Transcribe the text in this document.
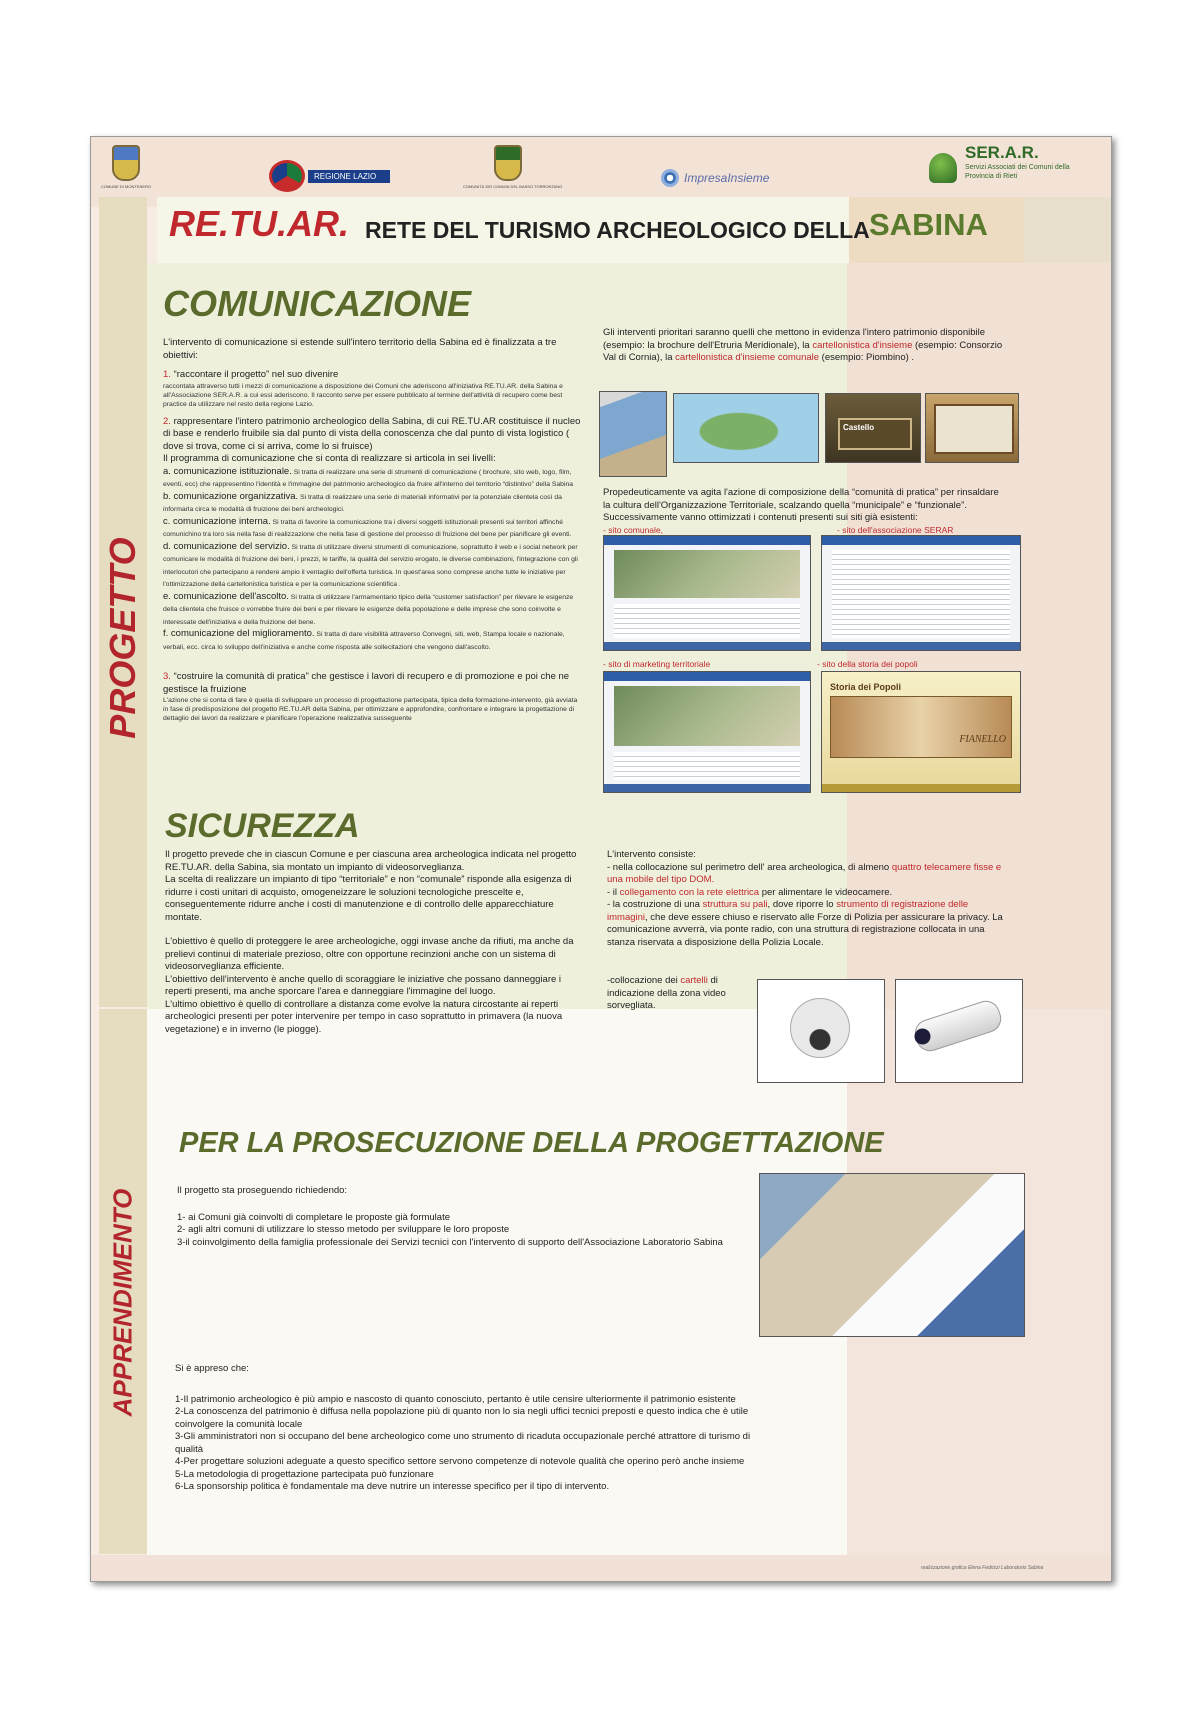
COMUNE DI MONTENERO
REGIONE LAZIO
COMUNITÀ DEI COMUNI DEL BASSO TORRONTANO
ImpresaInsieme
SER.A.R.
Servizi Associati dei Comuni della
Provincia di Rieti
RE.TU.AR. RETE DEL TURISMO ARCHEOLOGICO DELLA SABINA
PROGETTO
APPRENDIMENTO
COMUNICAZIONE

L'intervento di comunicazione si estende sull'intero territorio della Sabina ed è finalizzata a tre obiettivi:

1. “raccontare il progetto” nel suo divenire

raccontata attraverso tutti i mezzi di comunicazione a disposizione dei Comuni che aderiscono all'iniziativa RE.TU.AR. della Sabina e all'Associazione SER.A.R. a cui essi aderiscono. Il racconto serve per essere pubblicato al termine dell'attività di recupero come best practice da utilizzare nel resto della regione Lazio.

2. rappresentare l'intero patrimonio archeologico della Sabina, di cui RE.TU.AR costituisce il nucleo di base e renderlo fruibile sia dal punto di vista della conoscenza che dal punto di vista logistico ( dove si trova, come ci si arriva, come lo si fruisce)

Il programma di comunicazione che si conta di realizzare si articola in sei livelli:

a. comunicazione istituzionale. Si tratta di realizzare una serie di strumenti di comunicazione ( brochure, sito web, logo, film, eventi, ecc) che rappresentino l'identità e l'immagine del patrimonio archeologico da fruire all'interno del territorio “distintivo” della Sabina

b. comunicazione organizzativa. Si tratta di realizzare una serie di materiali informativi per la potenziale clientela così da informarla circa le modalità di fruizione dei beni archeologici.

c. comunicazione interna. Si tratta di favorire la comunicazione tra i diversi soggetti istituzionali presenti sui territori affinché comunichino tra loro sia nella fase di realizzazione che nella fase di gestione del processo di fruizione del bene per pianificare gli eventi.

d. comunicazione del servizio. Si tratta di utilizzare diversi strumenti di comunicazione, soprattutto il web e i social network per comunicare le modalità di fruizione dei beni, i prezzi, le tariffe, la qualità del servizio erogato, le diverse combinazioni, l'integrazione con gli interlocutori che partecipano a rendere ampio il ventaglio dell'offerta turistica. In quest'area sono comprese anche tutte le iniziative per l'ottimizzazione della cartellonistica turistica e per la comunicazione scientifica .

e. comunicazione dell'ascolto. Si tratta di utilizzare l'armamentario tipico della “customer satisfaction” per rilevare le esigenze della clientela che fruisce o vorrebbe fruire dei beni e per rilevare le esigenze della popolazione e delle imprese che sono coinvolte e interessate dell'iniziativa e della fruizione del bene.

f. comunicazione del miglioramento. Si tratta di dare visibilità attraverso Convegni, siti, web, Stampa locale e nazionale, verbali, ecc. circa lo sviluppo dell'iniziativa e anche come risposta alle sollecitazioni che vengono dall'ascolto.

3. “costruire la comunità di pratica” che gestisce i lavori di recupero e di promozione e poi che ne gestisce la fruizione

L'azione che si conta di fare è quella di sviluppare un processo di progettazione partecipata, tipica della formazione-intervento, già avviata in fase di predisposizione del progetto RE.TU.AR della Sabina, per ottimizzare e approfondire, confrontare e integrare la progettazione di dettaglio dei lavori da realizzare e pianificare l'operazione realizzativa susseguente

Gli interventi prioritari saranno quelli che mettono in evidenza l'intero patrimonio disponibile (esempio: la brochure dell'Etruria Meridionale), la cartellonistica d'insieme (esempio: Consorzio Val di Cornia), la cartellonistica d'insieme comunale (esempio: Piombino) .

Castello
Propedeuticamente va agita l'azione di composizione della “comunità di pratica” per rinsaldare la cultura dell'Organizzazione Territoriale, scalzando quella “municipale” e “funzionale”. Successivamente vanno ottimizzati i contenuti presenti sui siti già esistenti:
- sito comunale,	- sito dell'associazione SERAR
- sito di marketing territoriale	- sito della storia dei popoli
Storia dei Popoli
FIANELLO
SICUREZZA

Il progetto prevede che in ciascun Comune e per ciascuna area archeologica indicata nel progetto RE.TU.AR. della Sabina, sia montato un impianto di videosorveglianza.

La scelta di realizzare un impianto di tipo “territoriale” e non “comunale” risponde alla esigenza di ridurre i costi unitari di acquisto, omogeneizzare le soluzioni tecnologiche prescelte e, conseguentemente ridurre anche i costi di manutenzione e di controllo delle apparecchiature montate.

L'obiettivo è quello di proteggere le aree archeologiche, oggi invase anche da rifiuti, ma anche da prelievi continui di materiale prezioso, oltre con opportune recinzioni anche con un sistema di videosorveglianza efficiente.

L'obiettivo dell'intervento è anche quello di scoraggiare le iniziative che possano danneggiare i reperti presenti, ma anche sporcare l'area e danneggiare l'immagine del luogo.

L'ultimo obiettivo è quello di controllare a distanza come evolve la natura circostante ai reperti archeologici presenti per poter intervenire per tempo in caso soprattutto in primavera (la nuova vegetazione) e in inverno (le piogge).

L'intervento consiste:

- nella collocazione sul perimetro dell' area archeologica, di almeno quattro telecamere fisse e una mobile del tipo DOM.

- il collegamento con la rete elettrica per alimentare le videocamere.

- la costruzione di una struttura su pali, dove riporre lo strumento di registrazione delle immagini, che deve essere chiuso e riservato alle Forze di Polizia per assicurare la privacy. La comunicazione avverrà, via ponte radio, con una struttura di registrazione collocata in una stanza riservata a disposizione della Polizia Locale.

-collocazione dei cartelli di indicazione della zona video sorvegliata.

PER LA PROSECUZIONE DELLA PROGETTAZIONE

Il progetto sta proseguendo richiedendo:

1- ai Comuni già coinvolti di completare le proposte già formulate

2- agli altri comuni di utilizzare lo stesso metodo per sviluppare le loro proposte

3-il coinvolgimento della famiglia professionale dei Servizi tecnici con l'intervento di supporto dell'Associazione Laboratorio Sabina

Si è appreso che:

1-Il patrimonio archeologico è più ampio e nascosto di quanto conosciuto, pertanto è utile censire ulteriormente il patrimonio esistente

2-La conoscenza del patrimonio è diffusa nella popolazione più di quanto non lo sia negli uffici tecnici preposti e questo indica che è utile coinvolgere la comunità locale

3-Gli amministratori non si occupano del bene archeologico come uno strumento di ricaduta occupazionale perché attrattore di turismo di qualità

4-Per progettare soluzioni adeguate a questo specifico settore servono competenze di notevole qualità che operino però anche insieme

5-La metodologia di progettazione partecipata può funzionare

6-La sponsorship politica è fondamentale ma deve nutrire un interesse specifico per il tipo di intervento.

realizzazione grafica Elena Fedrizzi Laboratorio Sabina
